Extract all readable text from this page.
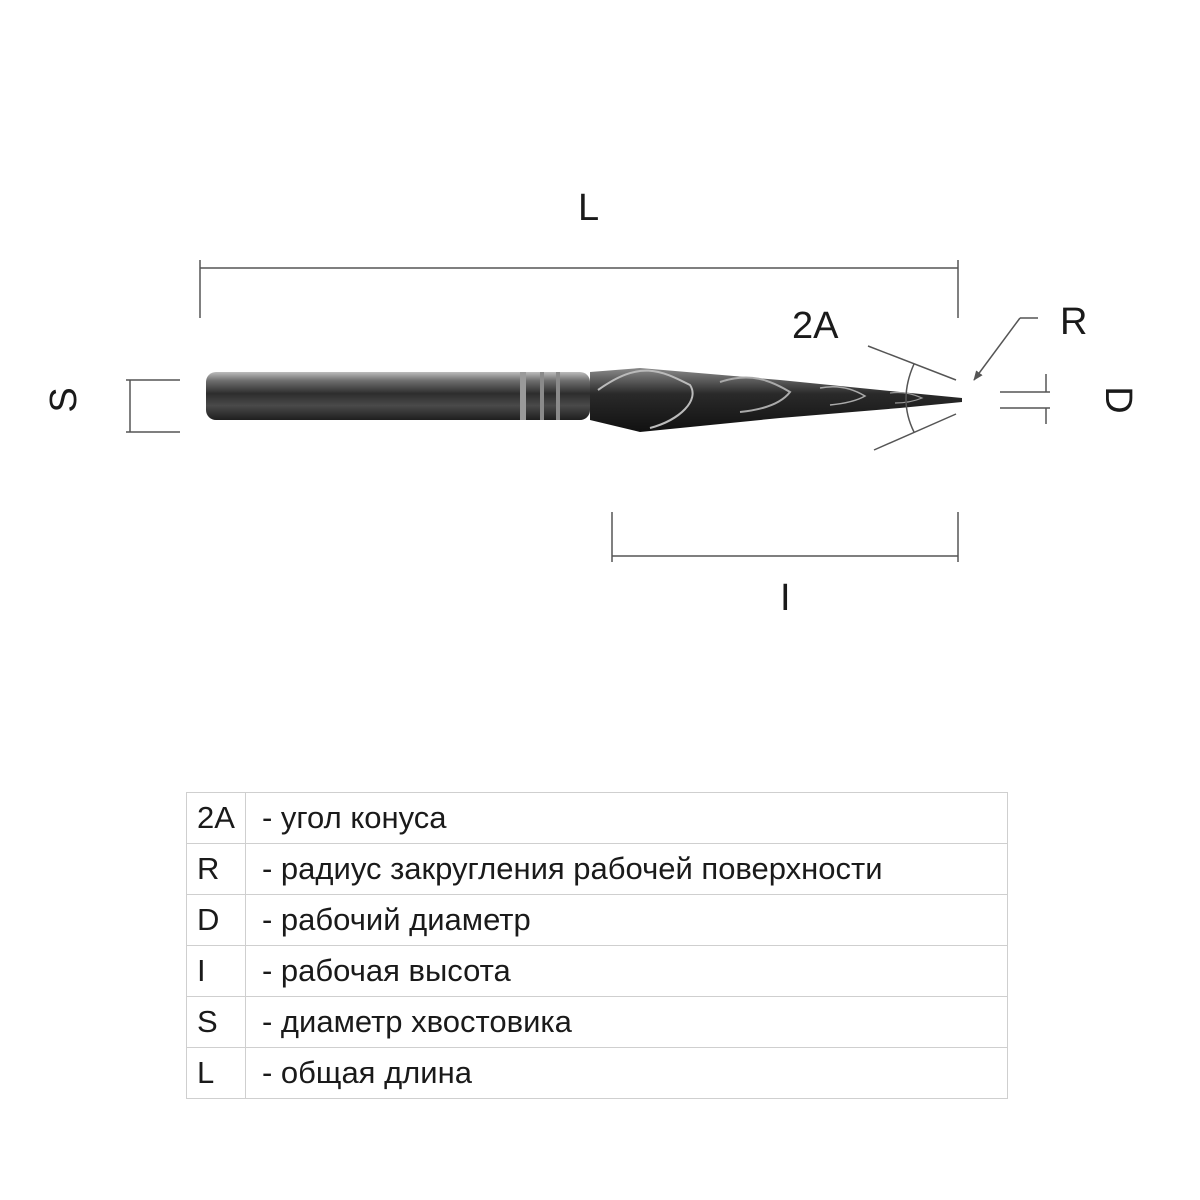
L
S
2A	R
D
I
2A	- угол конуса
R	- радиус закругления рабочей поверхности
D	- рабочий диаметр
I	- рабочая высота
S	- диаметр хвостовика
L	- общая длина
